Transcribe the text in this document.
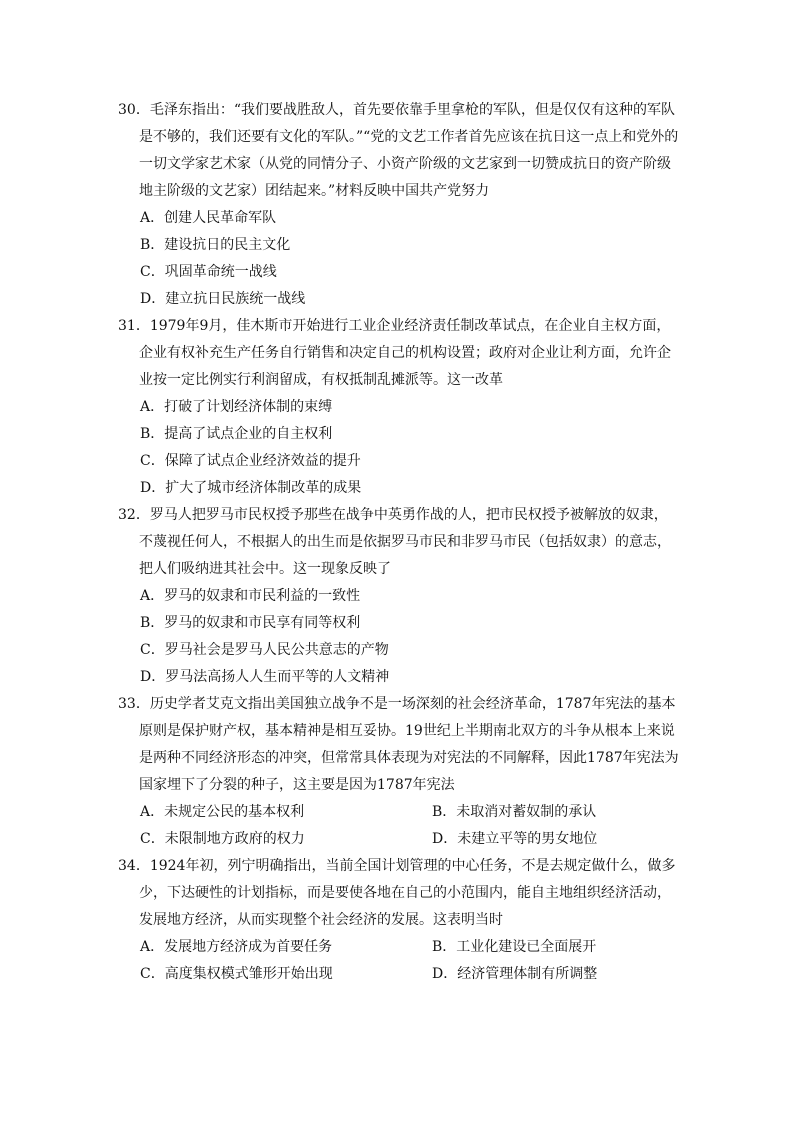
30．毛泽东指出：“我们要战胜敌人，首先要依靠手里拿枪的军队，但是仅仅有这种的军队是不够的，我们还要有文化的军队。”“党的文艺工作者首先应该在抗日这一点上和党外的一切文学家艺术家（从党的同情分子、小资产阶级的文艺家到一切赞成抗日的资产阶级地主阶级的文艺家）团结起来。”材料反映中国共产党努力

A．创建人民革命军队

B．建设抗日的民主文化

C．巩固革命统一战线

D．建立抗日民族统一战线

31．1979年9月，佳木斯市开始进行工业企业经济责任制改革试点，在企业自主权方面，企业有权补充生产任务自行销售和决定自己的机构设置；政府对企业让利方面，允许企业按一定比例实行利润留成，有权抵制乱摊派等。这一改革

A．打破了计划经济体制的束缚

B．提高了试点企业的自主权利

C．保障了试点企业经济效益的提升

D．扩大了城市经济体制改革的成果

32．罗马人把罗马市民权授予那些在战争中英勇作战的人，把市民权授予被解放的奴隶，不蔑视任何人，不根据人的出生而是依据罗马市民和非罗马市民（包括奴隶）的意志，把人们吸纳进其社会中。这一现象反映了

A．罗马的奴隶和市民利益的一致性

B．罗马的奴隶和市民享有同等权利

C．罗马社会是罗马人民公共意志的产物

D．罗马法高扬人人生而平等的人文精神

33．历史学者艾克文指出美国独立战争不是一场深刻的社会经济革命，1787年宪法的基本原则是保护财产权，基本精神是相互妥协。19世纪上半期南北双方的斗争从根本上来说是两种不同经济形态的冲突，但常常具体表现为对宪法的不同解释，因此1787年宪法为国家埋下了分裂的种子，这主要是因为1787年宪法

A．未规定公民的基本权利	B．未取消对蓄奴制的承认

C．未限制地方政府的权力	D．未建立平等的男女地位

34．1924年初，列宁明确指出，当前全国计划管理的中心任务，不是去规定做什么，做多少，下达硬性的计划指标，而是要使各地在自己的小范围内，能自主地组织经济活动，发展地方经济，从而实现整个社会经济的发展。这表明当时

A．发展地方经济成为首要任务	B．工业化建设已全面展开

C．高度集权模式雏形开始出现	D．经济管理体制有所调整
